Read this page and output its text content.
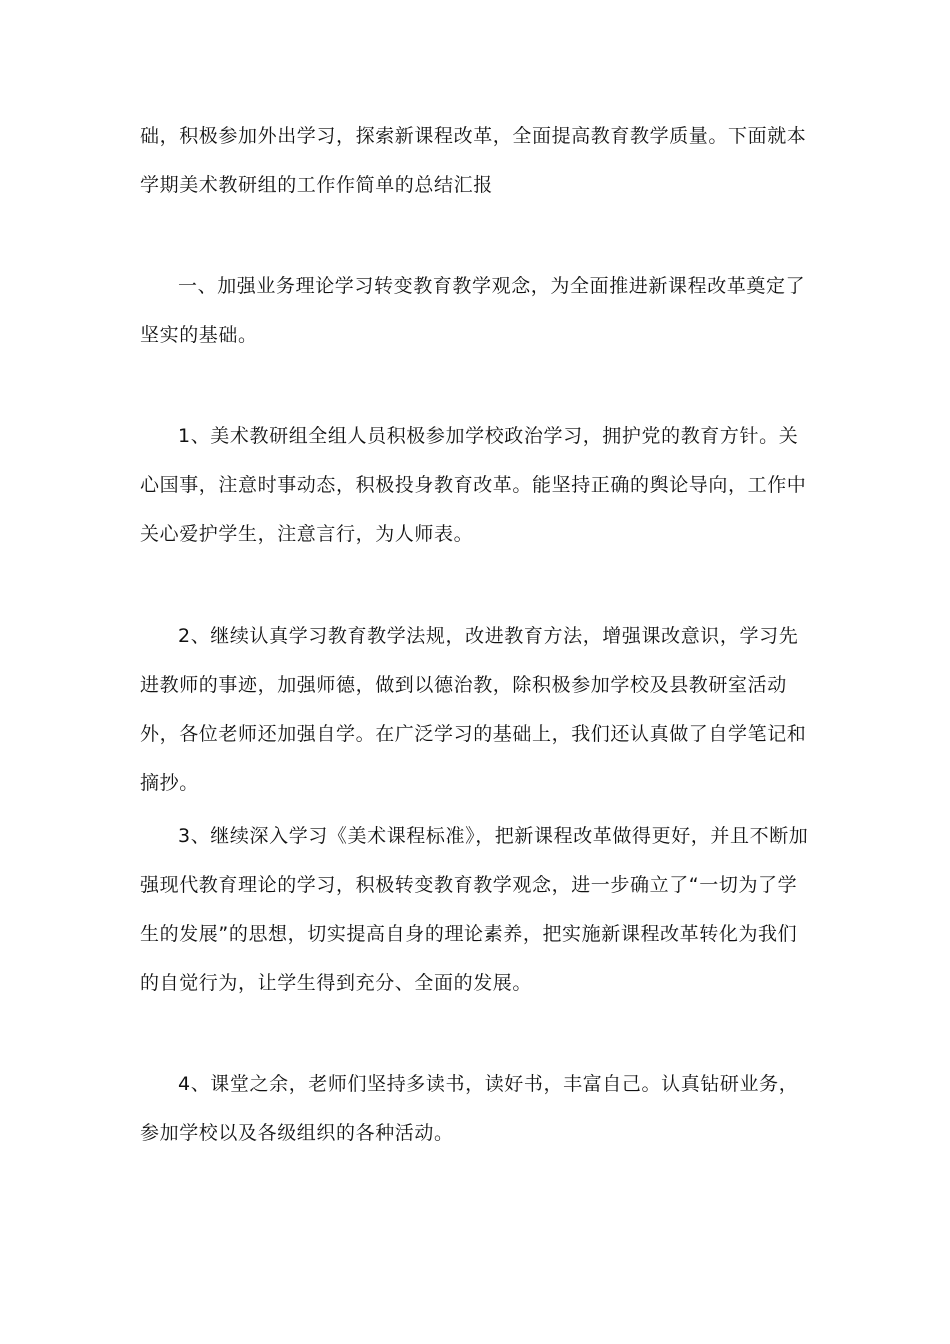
础，积极参加外出学习，探索新课程改革，全面提高教育教学质量。下面就本学期美术教研组的工作作简单的总结汇报

一、加强业务理论学习转变教育教学观念，为全面推进新课程改革奠定了坚实的基础。

1、美术教研组全组人员积极参加学校政治学习，拥护党的教育方针。关心国事，注意时事动态，积极投身教育改革。能坚持正确的舆论导向，工作中关心爱护学生，注意言行，为人师表。

2、继续认真学习教育教学法规，改进教育方法，增强课改意识，学习先进教师的事迹，加强师德，做到以德治教，除积极参加学校及县教研室活动外，各位老师还加强自学。在广泛学习的基础上，我们还认真做了自学笔记和摘抄。

3、继续深入学习《美术课程标准》，把新课程改革做得更好，并且不断加强现代教育理论的学习，积极转变教育教学观念，进一步确立了“一切为了学生的发展”的思想，切实提高自身的理论素养，把实施新课程改革转化为我们的自觉行为，让学生得到充分、全面的发展。

4、课堂之余，老师们坚持多读书，读好书，丰富自己。认真钻研业务，参加学校以及各级组织的各种活动。
